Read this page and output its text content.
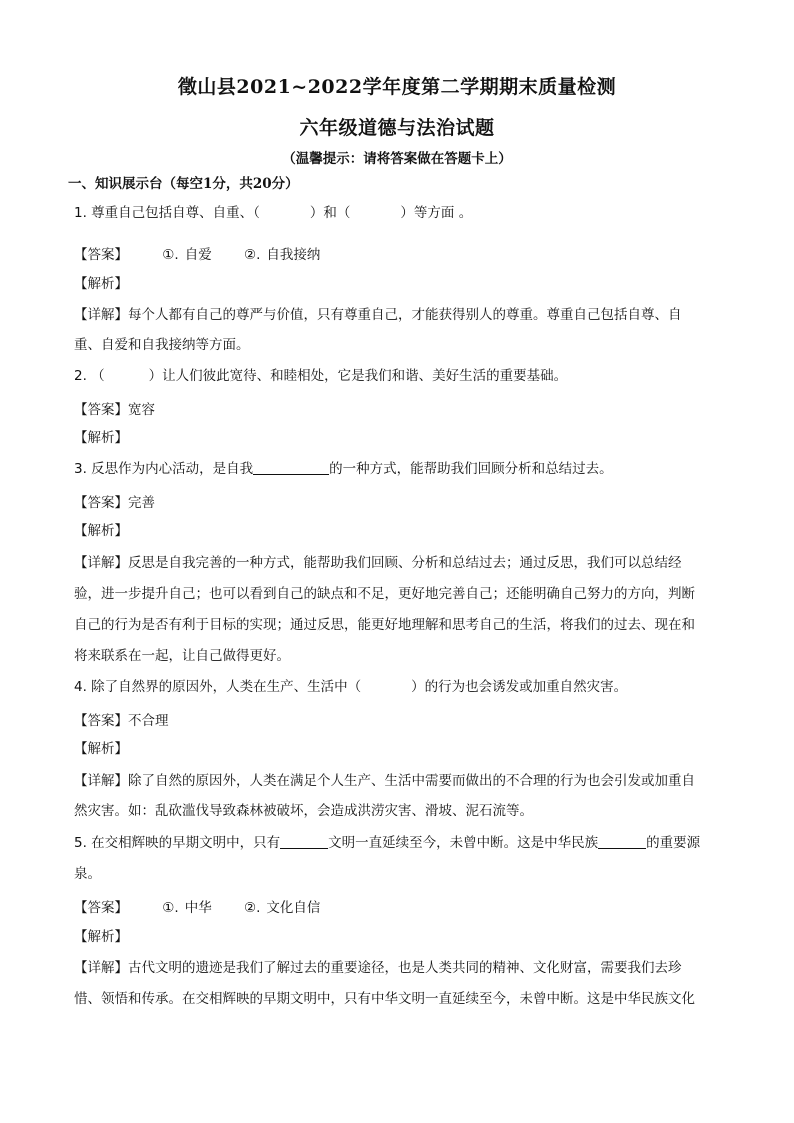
徵山县2021~2022学年度第二学期期末质量检测
六年级道德与法治试题
（温馨提示：请将答案做在答题卡上）
一、知识展示台（每空1分，共20分）
1. 尊重自己包括自尊、自重、（	）和（	）等方面 。
【答案】	①. 自爱 ②. 自我接纳
【解析】
【详解】每个人都有自己的尊严与价值，只有尊重自己，才能获得别人的尊重。尊重自己包括自尊、自
重、自爱和自我接纳等方面。
2. （	）让人们彼此宽待、和睦相处，它是我们和谐、美好生活的重要基础。
【答案】宽容
【解析】
3. 反思作为内心活动，是自我	的一种方式，能帮助我们回顾分析和总结过去。
【答案】完善
【解析】
【详解】反思是自我完善的一种方式，能帮助我们回顾、分析和总结过去；通过反思，我们可以总结经
验，进一步提升自己；也可以看到自己的缺点和不足，更好地完善自己；还能明确自己努力的方向，判断
自己的行为是否有利于目标的实现；通过反思，能更好地理解和思考自己的生活，将我们的过去、现在和
将来联系在一起，让自己做得更好。
4. 除了自然界的原因外，人类在生产、生活中（	）的行为也会诱发或加重自然灾害。
【答案】不合理
【解析】
【详解】除了自然的原因外，人类在满足个人生产、生活中需要而做出的不合理的行为也会引发或加重自
然灾害。如：乱砍滥伐导致森林被破坏，会造成洪涝灾害、滑坡、泥石流等。
5. 在交相辉映的早期文明中，只有	文明一直延续至今，未曾中断。这是中华民族	的重要源
泉。
【答案】	①. 中华 ②. 文化自信
【解析】
【详解】古代文明的遗迹是我们了解过去的重要途径，也是人类共同的精神、文化财富，需要我们去珍
惜、领悟和传承。在交相辉映的早期文明中，只有中华文明一直延续至今，未曾中断。这是中华民族文化
